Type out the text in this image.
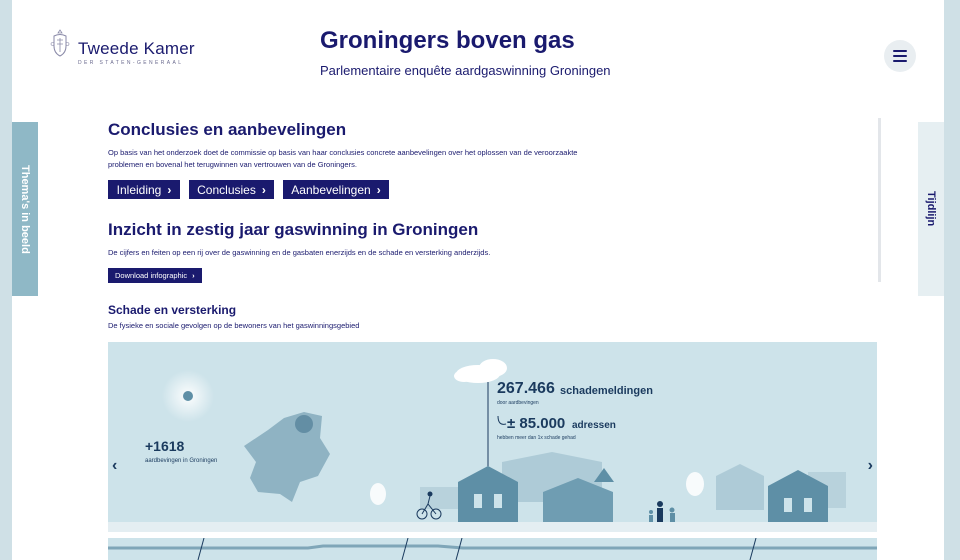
Tweede Kamer
DER STATEN-GENERAAL
Groningers boven gas
Parlementaire enquête aardgaswinning Groningen
Thema's in beeld	Tijdlijn
Conclusies en aanbevelingen
Op basis van het onderzoek doet de commissie op basis van haar conclusies concrete aanbevelingen over het oplossen van de veroorzaakte problemen en bovenal het terugwinnen van vertrouwen van de Groningers.
Inleiding › Conclusies › Aanbevelingen ›
Inzicht in zestig jaar gaswinning in Groningen
De cijfers en feiten op een rij over de gaswinning en de gasbaten enerzijds en de schade en versterking anderzijds.
Download infographic ›
Schade en versterking
De fysieke en sociale gevolgen op de bewoners van het gaswinningsgebied
+1618
aardbevingen in Groningen
267.466 schademeldingen
door aardbevingen
± 85.000 adressen
hebben meer dan 1x schade gehad
‹	›
